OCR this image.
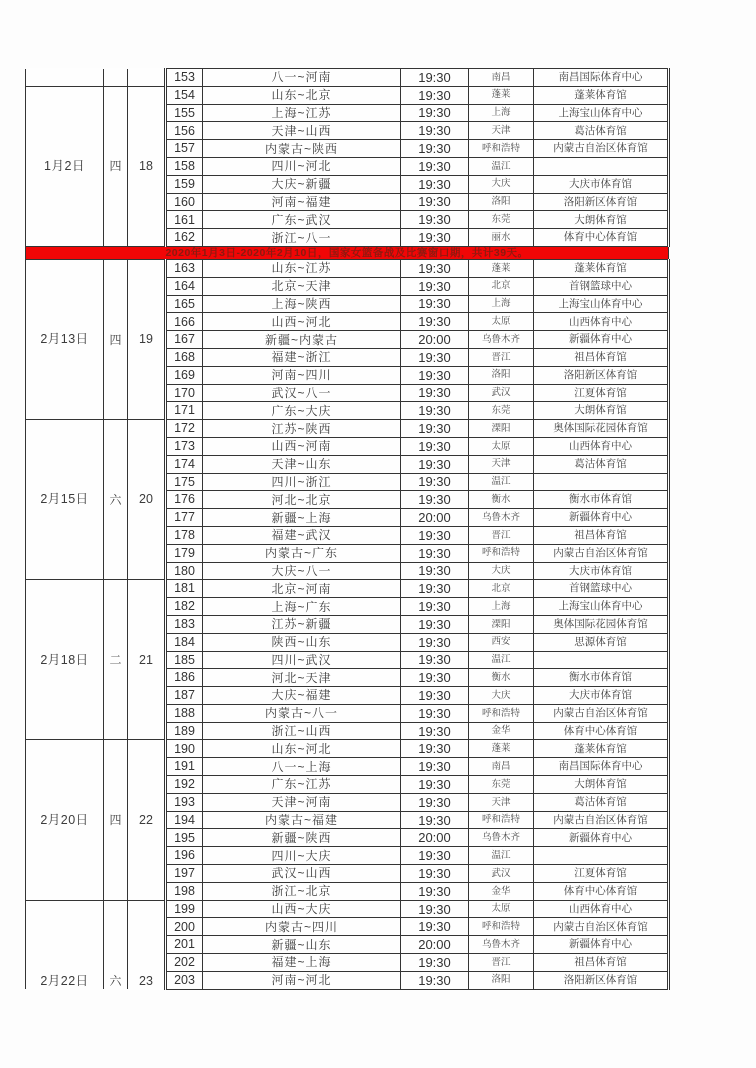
			153	八一~河南	19:30	南昌	南昌国际体育中心
1月2日	四	18	154	山东~北京	19:30	蓬莱	蓬莱体育馆
			155	上海~江苏	19:30	上海	上海宝山体育中心
			156	天津~山西	19:30	天津	葛沽体育馆
			157	内蒙古~陕西	19:30	呼和浩特	内蒙古自治区体育馆
			158	四川~河北	19:30	温江	
			159	大庆~新疆	19:30	大庆	大庆市体育馆
			160	河南~福建	19:30	洛阳	洛阳新区体育馆
			161	广东~武汉	19:30	东莞	大朗体育馆
			162	浙江~八一	19:30	丽水	体育中心体育馆
2020年1月3日-2020年2月10日，国家女篮备战及比赛窗口期，共计39天。							
2月13日	四	19	163	山东~江苏	19:30	蓬莱	蓬莱体育馆
			164	北京~天津	19:30	北京	首钢篮球中心
			165	上海~陕西	19:30	上海	上海宝山体育中心
			166	山西~河北	19:30	太原	山西体育中心
			167	新疆~内蒙古	20:00	乌鲁木齐	新疆体育中心
			168	福建~浙江	19:30	晋江	祖昌体育馆
			169	河南~四川	19:30	洛阳	洛阳新区体育馆
			170	武汉~八一	19:30	武汉	江夏体育馆
			171	广东~大庆	19:30	东莞	大朗体育馆
2月15日	六	20	172	江苏~陕西	19:30	溧阳	奥体国际花园体育馆
			173	山西~河南	19:30	太原	山西体育中心
			174	天津~山东	19:30	天津	葛沽体育馆
			175	四川~浙江	19:30	温江	
			176	河北~北京	19:30	衡水	衡水市体育馆
			177	新疆~上海	20:00	乌鲁木齐	新疆体育中心
			178	福建~武汉	19:30	晋江	祖昌体育馆
			179	内蒙古~广东	19:30	呼和浩特	内蒙古自治区体育馆
			180	大庆~八一	19:30	大庆	大庆市体育馆
2月18日	二	21	181	北京~河南	19:30	北京	首钢篮球中心
			182	上海~广东	19:30	上海	上海宝山体育中心
			183	江苏~新疆	19:30	溧阳	奥体国际花园体育馆
			184	陕西~山东	19:30	西安	思源体育馆
			185	四川~武汉	19:30	温江	
			186	河北~天津	19:30	衡水	衡水市体育馆
			187	大庆~福建	19:30	大庆	大庆市体育馆
			188	内蒙古~八一	19:30	呼和浩特	内蒙古自治区体育馆
			189	浙江~山西	19:30	金华	体育中心体育馆
2月20日	四	22	190	山东~河北	19:30	蓬莱	蓬莱体育馆
			191	八一~上海	19:30	南昌	南昌国际体育中心
			192	广东~江苏	19:30	东莞	大朗体育馆
			193	天津~河南	19:30	天津	葛沽体育馆
			194	内蒙古~福建	19:30	呼和浩特	内蒙古自治区体育馆
			195	新疆~陕西	20:00	乌鲁木齐	新疆体育中心
			196	四川~大庆	19:30	温江	
			197	武汉~山西	19:30	武汉	江夏体育馆
			198	浙江~北京	19:30	金华	体育中心体育馆
2月22日	六	23	199	山西~大庆	19:30	太原	山西体育中心
			200	内蒙古~四川	19:30	呼和浩特	内蒙古自治区体育馆
			201	新疆~山东	20:00	乌鲁木齐	新疆体育中心
			202	福建~上海	19:30	晋江	祖昌体育馆
			203	河南~河北	19:30	洛阳	洛阳新区体育馆
